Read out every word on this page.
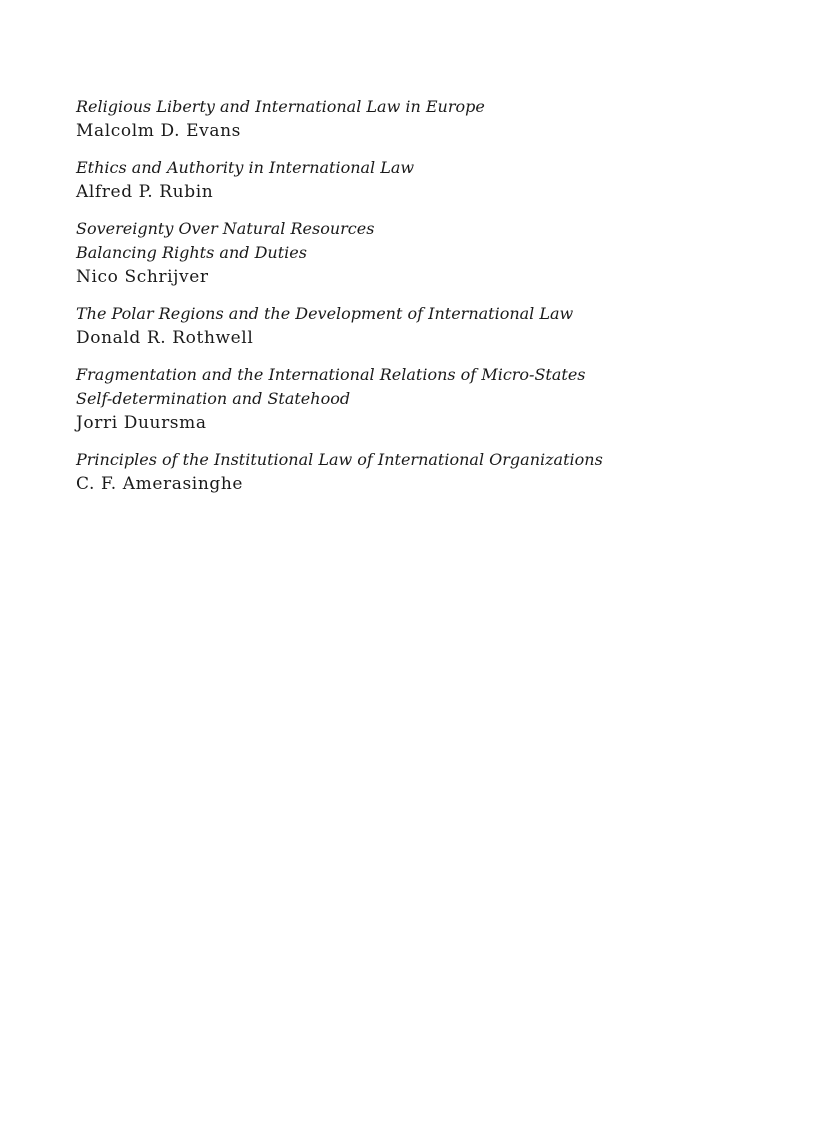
Religious Liberty and International Law in Europe
Malcolm D. Evans
Ethics and Authority in International Law
Alfred P. Rubin
Sovereignty Over Natural Resources
Balancing Rights and Duties
Nico Schrijver
The Polar Regions and the Development of International Law
Donald R. Rothwell
Fragmentation and the International Relations of Micro-States
Self-determination and Statehood
Jorri Duursma
Principles of the Institutional Law of International Organizations
C. F. Amerasinghe
